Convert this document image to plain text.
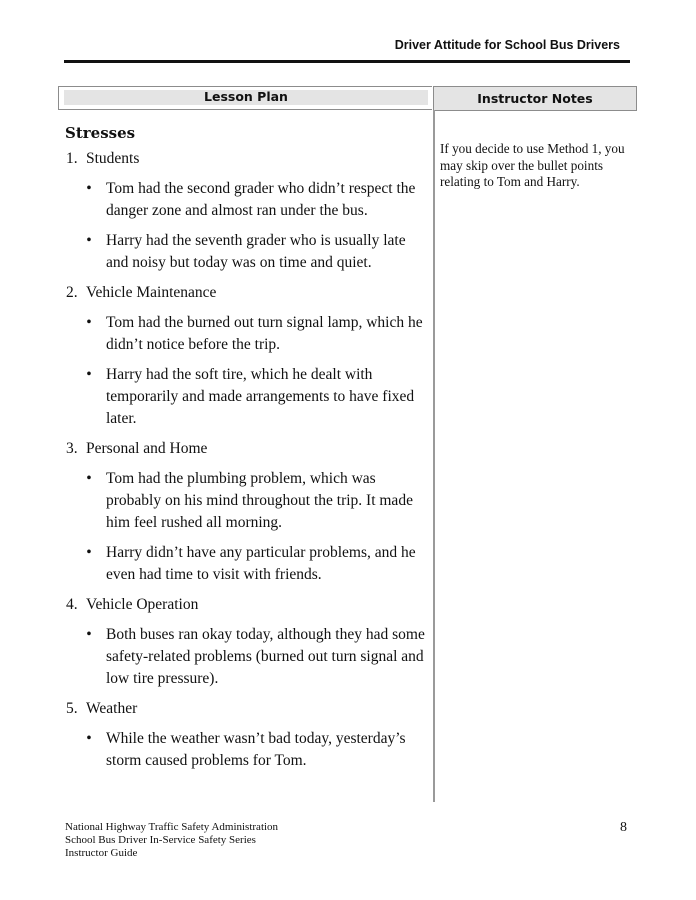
Driver Attitude for School Bus Drivers
Lesson Plan	Instructor Notes
Stresses
1. Students
• Tom had the second grader who didn’t respect the danger zone and almost ran under the bus.
• Harry had the seventh grader who is usually late and noisy but today was on time and quiet.
2. Vehicle Maintenance
• Tom had the burned out turn signal lamp, which he didn’t notice before the trip.
• Harry had the soft tire, which he dealt with temporarily and made arrangements to have fixed later.
3. Personal and Home
• Tom had the plumbing problem, which was probably on his mind throughout the trip. It made him feel rushed all morning.
• Harry didn’t have any particular problems, and he even had time to visit with friends.
4. Vehicle Operation
• Both buses ran okay today, although they had some safety-related problems (burned out turn signal and low tire pressure).
5. Weather
• While the weather wasn’t bad today, yesterday’s storm caused problems for Tom.
If you decide to use Method 1, you may skip over the bullet points relating to Tom and Harry.
National Highway Traffic Safety Administration
School Bus Driver In-Service Safety Series
Instructor Guide
8
